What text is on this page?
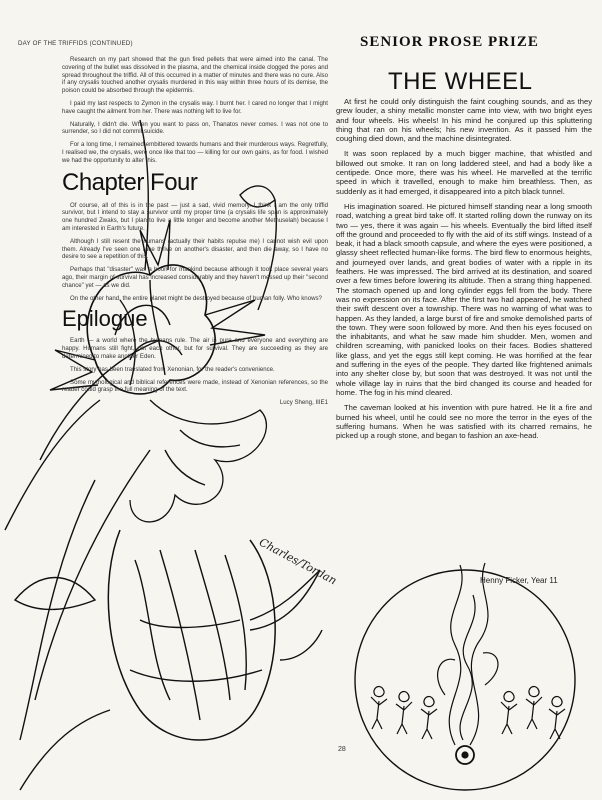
DAY OF THE TRIFFIDS (CONTINUED)

Research on my part showed that the gun fired pellets that were aimed into the canal. The covering of the bullet was dissolved in the plasma, and the chemical inside clogged the pores and spread throughout the triffid. All of this occurred in a matter of minutes and there was no cure. Also if any crysalis touched another crysalis murdered in this way within three hours of its demise, the poison could be absorbed through the epidermis.

I paid my last respects to Zymon in the crysalis way. I burnt her. I cared no longer that I might have caught the ailment from her. There was nothing left to live for.

Naturally, I didn't die. When you want to pass on, Thanatos never comes. I was not one to surrender, so I did not commit suicide.

For a long time, I remained embittered towards humans and their murderous ways. Regretfully, I realised we, the crysalis, were once like that too — killing for our own gains, as for food. I wished we had the opportunity to alter this.

Chapter Four

Of course, all of this is in the past — just a sad, vivid memory. I think I am the only triffid survivor, but I intend to stay a survivor until my proper time (a crysalis life span is approximately one hundred Zwaks, but I plan to live a little longer and become another Methuselah) because I am interested in Earth's future.

Although I still resent the humans (actually their habits repulse me) I cannot wish evil upon them. Already I've seen one race thrive on another's disaster, and then die away, so I have no desire to see a repetition of this.

Perhaps that "disaster" was a boon for mankind because although it took place several years ago, their margin of survival has increased considerably and they haven't messed up their "second chance" yet — as we did.

On the other hand, the entire planet might be destroyed because of human folly. Who knows?

Epilogue

Earth — a world where the humans rule. The air is pure and everyone and everything are happy. Humans still fight, not each other, but for survival. They are succeeding as they are determined to make another Eden.

This story has been translated from Xenonian, for the reader's convenience.

Some mythological and biblical references were made, instead of Xenonian references, so the reader could grasp the full meaning of the text.

Lucy Sheng, IIIE1
Charles/Tordan
SENIOR PROSE PRIZE
THE WHEEL

At first he could only distinguish the faint coughing sounds, and as they grew louder, a shiny metallic monster came into view, with two bright eyes and four wheels. His wheels! In his mind he conjured up this spluttering thing that ran on his wheels; his new invention. As it passed him the coughing died down, and the machine disintegrated.

It was soon replaced by a much bigger machine, that whistled and billowed out smoke. It ran on long laddered steel, and had a body like a centipede. Once more, there was his wheel. He marvelled at the terrific speed in which it travelled, enough to make him breathless. Then, as suddenly as it had emerged, it disappeared into a pitch black tunnel.

His imagination soared. He pictured himself standing near a long smooth road, watching a great bird take off. It started rolling down the runway on its two — yes, there it was again — his wheels. Eventually the bird lifted itself off the ground and proceeded to fly with the aid of its stiff wings. Instead of a beak, it had a black smooth capsule, and where the eyes were positioned, a glassy sheet reflected human-like forms. The bird flew to enormous heights, and journeyed over lands, and great bodies of water with a ripple in its feathers. He was impressed. The bird arrived at its destination, and soared over a few times before lowering its altitude. Then a strang thing happened. The stomach opened up and long cylinder eggs fell from the body. There was no expression on its face. After the first two had appeared, he watched their swift descent over a township. There was no warning of what was to happen. As they landed, a large burst of fire and smoke demolished parts of the town. They were soon followed by more. And then his eyes focused on the inhabitants, and what he saw made him shudder. Men, women and children screaming, with panicked looks on their faces. Bodies shattered like glass, and yet the eggs still kept coming. He was horrified at the fear and suffering in the eyes of the people. They darted like frightened animals into any shelter close by, but soon that was destroyed. It was not until the whole village lay in ruins that the bird changed its course and headed for home. The fog in his mind cleared.

The caveman looked at his invention with pure hatred. He lit a fire and burned his wheel, until he could see no more the terror in the eyes of the suffering humans. When he was satisfied with its charred remains, he picked up a rough stone, and began to fashion an axe-head.

Henny Ficker, Year 11
28
